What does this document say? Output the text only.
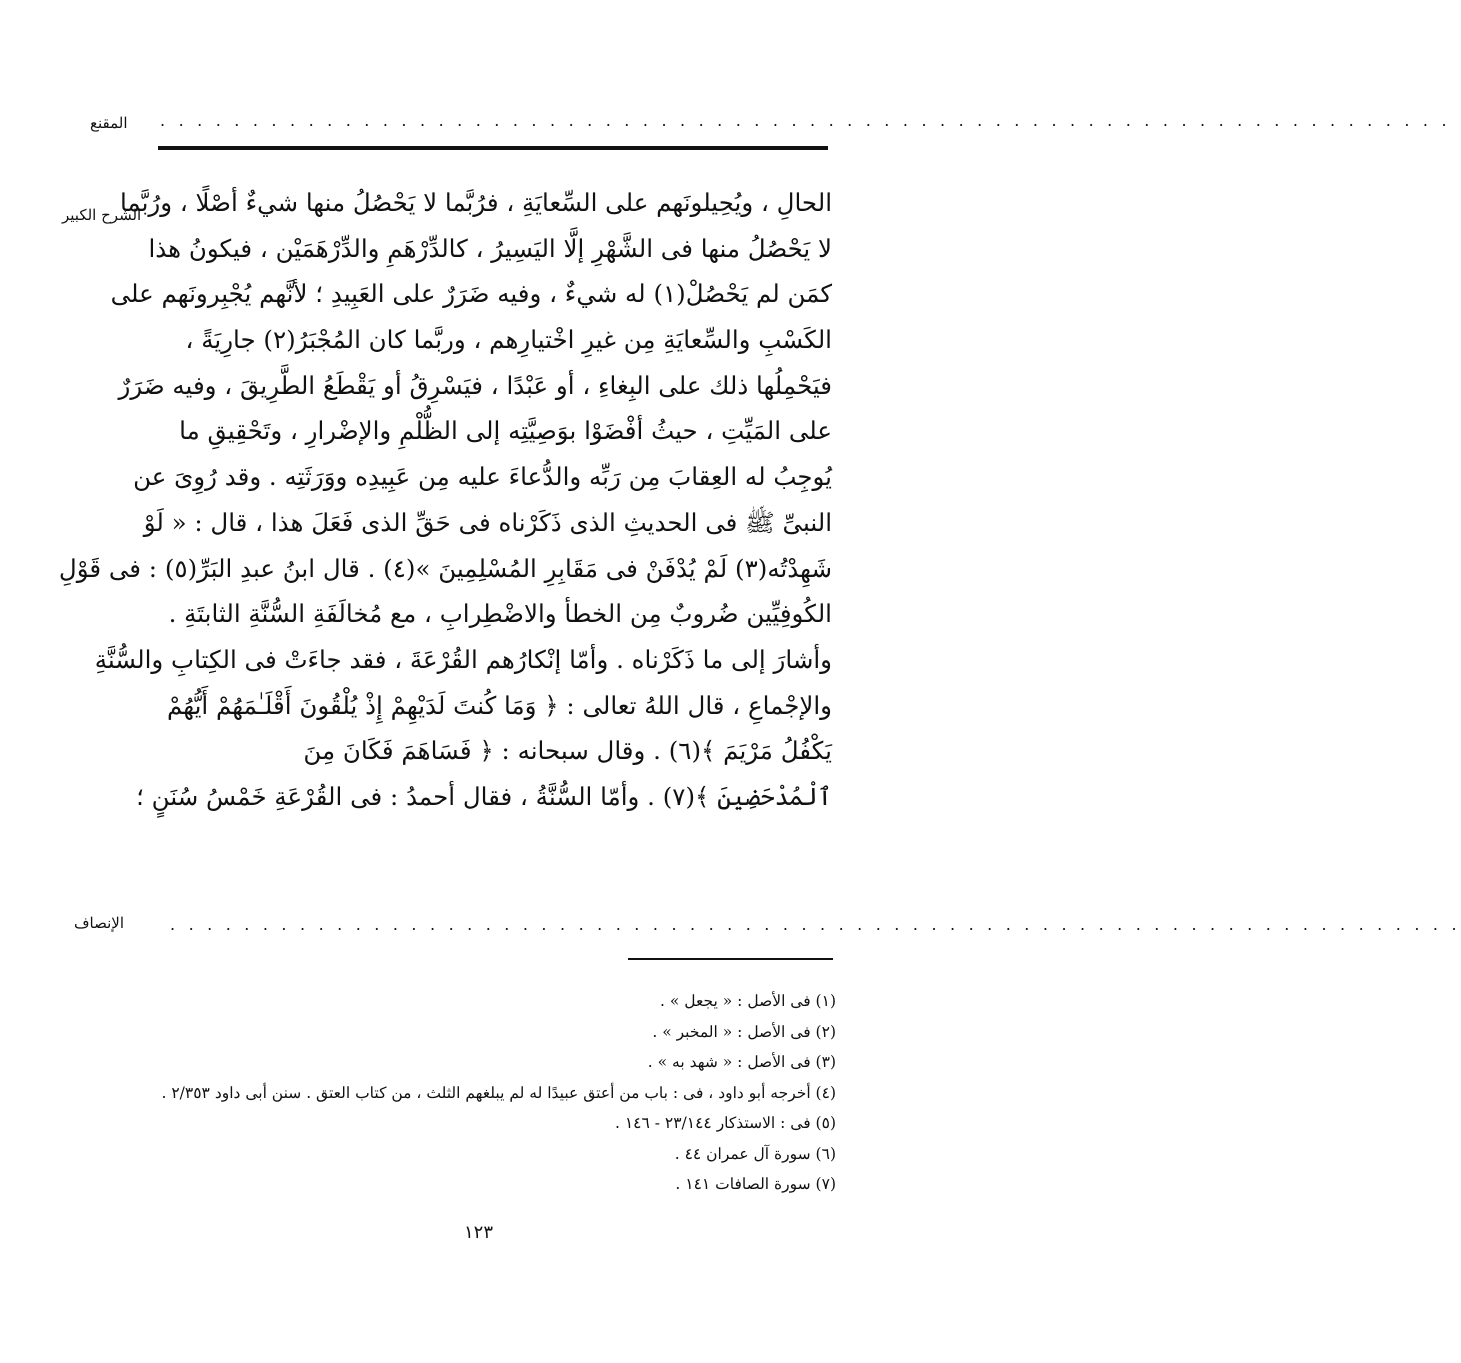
المقنع . . . . . . . . . . . . . . . . . . . . . . . . . . . . . . . . . . . . . . . . . . . . . . . . . . . . . . . . . . . . . . . . . . . . . .
الشرح الكبير
الحالِ ، ويُحِيلونَهم على السِّعايَةِ ، فرُبَّما لا يَحْصُلُ منها شيءٌ أصْلًا ، ورُبَّما
لا يَحْصُلُ منها فى الشَّهْرِ إلَّا اليَسِيرُ ، كالدِّرْهَمِ والدِّرْهَمَيْن ، فيكونُ هذا
كمَن لم يَحْصُلْ(١) له شيءٌ ، وفيه ضَرَرٌ على العَبِيدِ ؛ لأنَّهم يُجْبِرونَهم على
الكَسْبِ والسِّعايَةِ مِن غيرِ اخْتيارِهم ، وربَّما كان المُجْبَرُ(٢) جارِيَةً ،
فيَحْمِلُها ذلك على البِغاءِ ، أو عَبْدًا ، فيَسْرِقُ أو يَقْطَعُ الطَّرِيقَ ، وفيه ضَرَرٌ
على المَيِّتِ ، حيثُ أفْضَوْا بوَصِيَّتِه إلى الظُّلْمِ والإضْرارِ ، وتَحْقِيقِ ما
يُوجِبُ له العِقابَ مِن رَبِّه والدُّعاءَ عليه مِن عَبِيدِه ووَرَثَتِه . وقد رُوِىَ عن
النبىِّ ﷺ فى الحديثِ الذى ذَكَرْناه فى حَقِّ الذى فَعَلَ هذا ، قال : « لَوْ
شَهِدْتُه(٣) لَمْ يُدْفَنْ فى مَقَابِرِ المُسْلِمِينَ »(٤) . قال ابنُ عبدِ البَرِّ(٥) : فى قَوْلِ
الكُوفِيِّين ضُروبٌ مِن الخطأ والاضْطِرابِ ، مع مُخالَفَةِ السُّنَّةِ الثابتَةِ .
وأشارَ إلى ما ذَكَرْناه . وأمّا إنْكارُهم القُرْعَةَ ، فقد جاءَتْ فى الكِتابِ والسُّنَّةِ
والإجْماعِ ، قال اللهُ تعالى : ﴿ وَمَا كُنتَ لَدَيْهِمْ إِذْ يُلْقُونَ أَقْلَـٰمَهُمْ أَيُّهُمْ
يَكْفُلُ مَرْيَمَ ﴾(٦) . وقال سبحانه : ﴿ فَسَاهَمَ فَكَانَ مِنَ
ٱلْمُدْحَضِينَ ﴾(٧) . وأمّا السُّنَّةُ ، فقال أحمدُ : فى القُرْعَةِ خَمْسُ سُنَنٍ ؛
الإنصاف	. . . . . . . . . . . . . . . . . . . . . . . . . . . . . . . . . . . . . . . . . . . . . . . . . . . . . . . . . . . . . . . . . . . . . .
(١) فى الأصل : « يجعل » .
(٢) فى الأصل : « المخبر » .
(٣) فى الأصل : « شهد به » .
(٤) أخرجه أبو داود ، فى : باب من أعتق عبيدًا له لم يبلغهم الثلث ، من كتاب العتق . سنن أبى داود ٢/٣٥٣ .
(٥) فى : الاستذكار ٢٣/١٤٤ - ١٤٦ .
(٦) سورة آل عمران ٤٤ .
(٧) سورة الصافات ١٤١ .
١٢٣
